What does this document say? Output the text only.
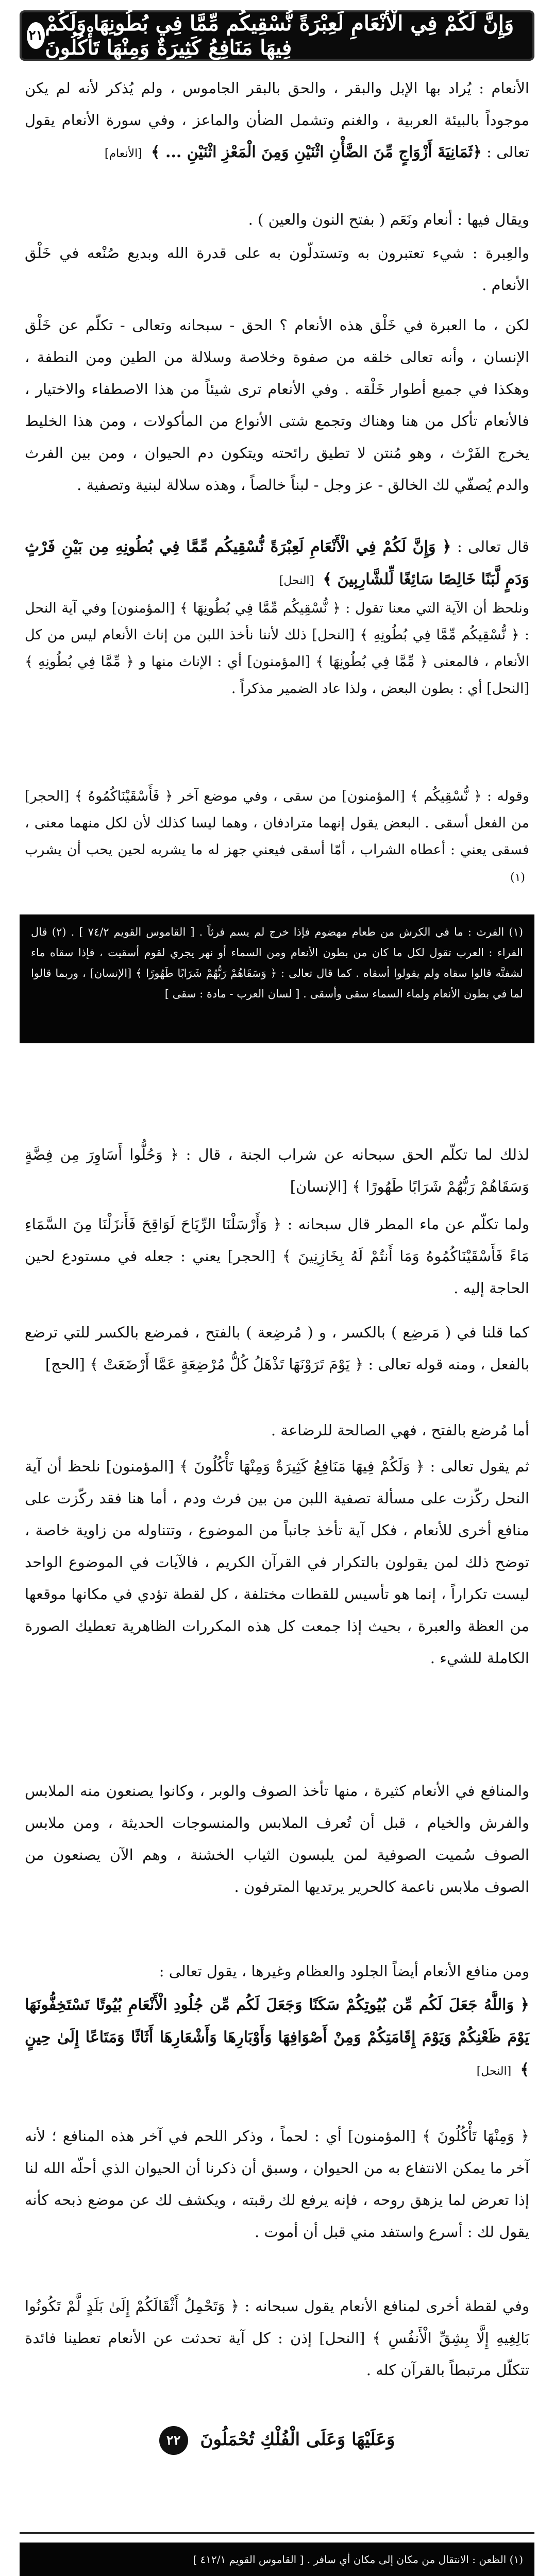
٢١ وَإِنَّ لَكُمْ فِي الْأَنْعَامِ لَعِبْرَةً نُّسْقِيكُم مِّمَّا فِي بُطُونِهَا وَلَكُمْ فِيهَا مَنَافِعُ كَثِيرَةٌ وَمِنْهَا تَأْكُلُونَ
الأنعام : يُراد بها الإبل والبقر ، والحق بالبقر الجاموس ، ولم يُذكر لأنه لم يكن موجوداً بالبيئة العربية ، والغنم وتشمل الضأن والماعز ، وفي سورة الأنعام يقول تعالى : ﴿ثَمَانِيَةَ أَزْوَاجٍ مِّنَ الضَّأْنِ اثْنَيْنِ وَمِنَ الْمَعْزِ اثْنَيْنِ ... ﴾ [الأنعام]
ويقال فيها : أنعام ونَعَم ( بفتح النون والعين ) .
والعِبرة : شيء تعتبرون به وتستدلّون به على قدرة الله وبديع صُنْعه في خَلْق الأنعام .
لكن ، ما العبرة في خَلْق هذه الأنعام ؟ الحق - سبحانه وتعالى - تكلّم عن خَلْق الإنسان ، وأنه تعالى خلقه من صفوة وخلاصة وسلالة من الطين ومن النطفة ، وهكذا في جميع أطوار خَلْقه . وفي الأنعام ترى شيئاً من هذا الاصطفاء والاختيار ، فالأنعام تأكل من هنا وهناك وتجمع شتى الأنواع من المأكولات ، ومن هذا الخليط يخرج الفَرْث ، وهو مُنتن لا تطيق رائحته ويتكون دم الحيوان ، ومن بين الفرث والدم يُصفّي لك الخالق - عز وجل - لبناً خالصاً ، وهذه سلالة لبنية وتصفية .
قال تعالى : ﴿ وَإِنَّ لَكُمْ فِي الْأَنْعَامِ لَعِبْرَةً نُّسْقِيكُم مِّمَّا فِي بُطُونِهِ مِن بَيْنِ فَرْثٍ وَدَمٍ لَّبَنًا خَالِصًا سَائِغًا لِّلشَّارِبِينَ ﴾ [النحل]
ونلحظ أن الآية التي معنا تقول : ﴿ نُّسْقِيكُم مِّمَّا فِي بُطُونِهَا ﴾ [المؤمنون] وفي آية النحل : ﴿ نُّسْقِيكُم مِّمَّا فِي بُطُونِهِ ﴾ [النحل] ذلك لأننا نأخذ اللبن من إناث الأنعام ليس من كل الأنعام ، فالمعنى ﴿ مِّمَّا فِي بُطُونِهَا ﴾ [المؤمنون] أي : الإناث منها و ﴿ مِّمَّا فِي بُطُونِهِ ﴾ [النحل] أي : بطون البعض ، ولذا عاد الضمير مذكراً .
وقوله : ﴿ نُّسْقِيكُم ﴾ [المؤمنون] من سقى ، وفي موضع آخر ﴿ فَأَسْقَيْنَاكُمُوهُ ﴾ [الحجر] من الفعل أسقى . البعض يقول إنهما مترادفان ، وهما ليسا كذلك لأن لكل منهما معنى ، فسقى يعني : أعطاه الشراب ، أمّا أسقى فيعني جهز له ما يشربه لحين يحب أن يشرب (١)
(١) الفرث : ما في الكرش من طعام مهضوم فإذا خرج لم يسم فرثاً . [ القاموس القويم ٧٤/٢ ] . (٢) قال الفراء : العرب تقول لكل ما كان من بطون الأنعام ومن السماء أو نهر يجري لقوم أسقيت ، فإذا سقاه ماء لشفتَّه قالوا سقاه ولم يقولوا أسقاه . كما قال تعالى : ﴿ وَسَقَاهُمْ رَبُّهُمْ شَرَابًا طَهُورًا ﴾ [الإنسان] ، وربما قالوا لما في بطون الأنعام ولماء السماء سقى وأسقى . [ لسان العرب - مادة : سقى ]
لذلك لما تكلّم الحق سبحانه عن شراب الجنة ، قال : ﴿ وَحُلُّوا أَسَاوِرَ مِن فِضَّةٍ وَسَقَاهُمْ رَبُّهُمْ شَرَابًا طَهُورًا ﴾ [الإنسان]
ولما تكلّم عن ماء المطر قال سبحانه : ﴿ وَأَرْسَلْنَا الرِّيَاحَ لَوَاقِحَ فَأَنزَلْنَا مِنَ السَّمَاءِ مَاءً فَأَسْقَيْنَاكُمُوهُ وَمَا أَنتُمْ لَهُ بِخَازِنِينَ ﴾ [الحجر] يعني : جعله في مستودع لحين الحاجة إليه .
كما قلنا في ( مَرضِع ) بالكسر ، و ( مُرضِعة ) بالفتح ، فمرضع بالكسر للتي ترضع بالفعل ، ومنه قوله تعالى : ﴿ يَوْمَ تَرَوْنَهَا تَذْهَلُ كُلُّ مُرْضِعَةٍ عَمَّا أَرْضَعَتْ ﴾ [الحج]
أما مُرضع بالفتح ، فهي الصالحة للرضاعة .
ثم يقول تعالى : ﴿ وَلَكُمْ فِيهَا مَنَافِعُ كَثِيرَةٌ وَمِنْهَا تَأْكُلُونَ ﴾ [المؤمنون] نلحظ أن آية النحل ركّزت على مسألة تصفية اللبن من بين فرث ودم ، أما هنا فقد ركّزت على منافع أخرى للأنعام ، فكل آية تأخذ جانباً من الموضوع ، وتتناوله من زاوية خاصة ، توضح ذلك لمن يقولون بالتكرار في القرآن الكريم ، فالآيات في الموضوع الواحد ليست تكراراً ، إنما هو تأسيس للقطات مختلفة ، كل لقطة تؤدي في مكانها موقعها من العظة والعبرة ، بحيث إذا جمعت كل هذه المكررات الظاهرية تعطيك الصورة الكاملة للشيء .
والمنافع في الأنعام كثيرة ، منها تأخذ الصوف والوبر ، وكانوا يصنعون منه الملابس والفرش والخيام ، قبل أن تُعرف الملابس والمنسوجات الحديثة ، ومن ملابس الصوف سُميت الصوفية لمن يلبسون الثياب الخشنة ، وهم الآن يصنعون من الصوف ملابس ناعمة كالحرير يرتديها المترفون .
ومن منافع الأنعام أيضاً الجلود والعظام وغيرها ، يقول تعالى :
﴿ وَاللَّهُ جَعَلَ لَكُم مِّن بُيُوتِكُمْ سَكَنًا وَجَعَلَ لَكُم مِّن جُلُودِ الْأَنْعَامِ بُيُوتًا تَسْتَخِفُّونَهَا يَوْمَ ظَعْنِكُمْ وَيَوْمَ إِقَامَتِكُمْ وَمِنْ أَصْوَافِهَا وَأَوْبَارِهَا وَأَشْعَارِهَا أَثَاثًا وَمَتَاعًا إِلَىٰ حِينٍ ﴾ [النحل]
﴿ وَمِنْهَا تَأْكُلُونَ ﴾ [المؤمنون] أي : لحماً ، وذكر اللحم في آخر هذه المنافع ؛ لأنه آخر ما يمكن الانتفاع به من الحيوان ، وسبق أن ذكرنا أن الحيوان الذي أحلّه الله لنا إذا تعرض لما يزهق روحه ، فإنه يرفع لك رقبته ، ويكشف لك عن موضع ذبحه كأنه يقول لك : أسرع واستفد مني قبل أن أموت .
وفي لقطة أخرى لمنافع الأنعام يقول سبحانه : ﴿ وَتَحْمِلُ أَثْقَالَكُمْ إِلَىٰ بَلَدٍ لَّمْ تَكُونُوا بَالِغِيهِ إِلَّا بِشِقِّ الْأَنفُسِ ﴾ [النحل] إذن : كل آية تحدثت عن الأنعام تعطينا فائدة تتكلّل مرتبطاً بالقرآن كله .
وَعَلَيْهَا وَعَلَى الْفُلْكِ تُحْمَلُونَ ٢٢
(١) الظعن : الانتقال من مكان إلى مكان أي سافر . [ القاموس القويم ٤١٢/١ ]
